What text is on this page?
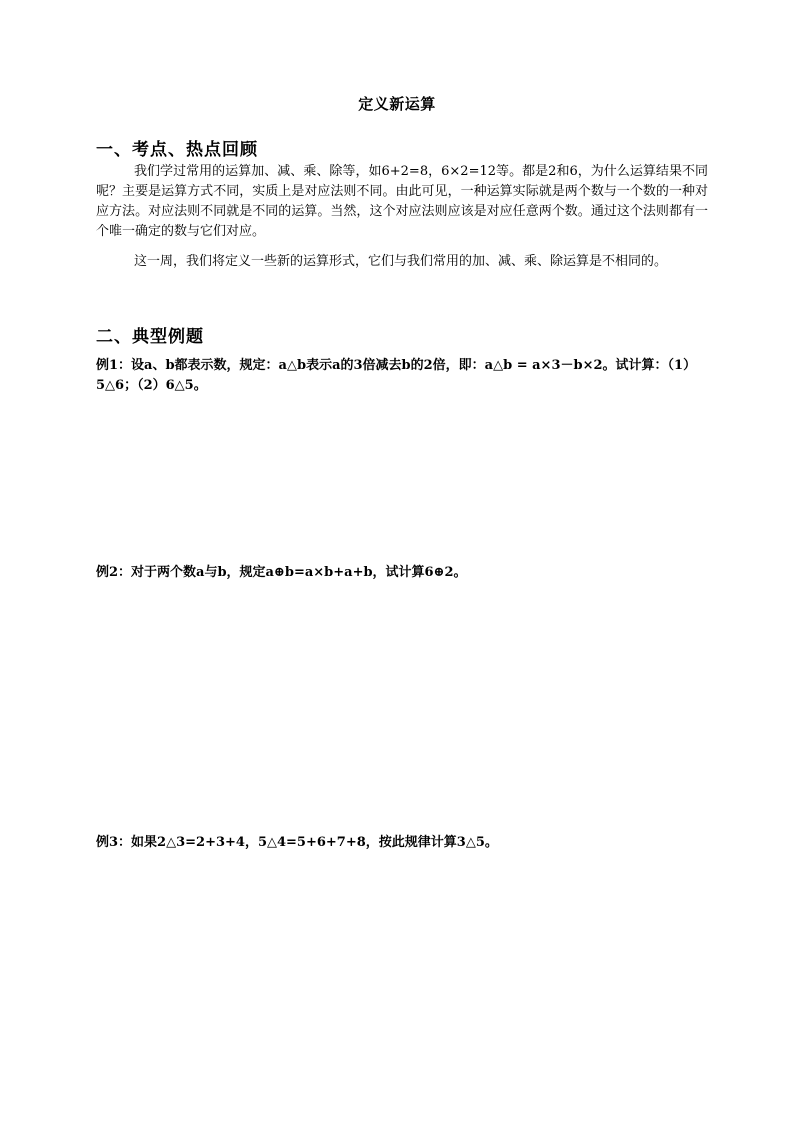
定义新运算
一、考点、热点回顾
我们学过常用的运算加、减、乘、除等，如6+2=8，6×2=12等。都是2和6，为什么运算结果不同呢？主要是运算方式不同，实质上是对应法则不同。由此可见，一种运算实际就是两个数与一个数的一种对应方法。对应法则不同就是不同的运算。当然，这个对应法则应该是对应任意两个数。通过这个法则都有一个唯一确定的数与它们对应。
这一周，我们将定义一些新的运算形式，它们与我们常用的加、减、乘、除运算是不相同的。
二、典型例题
例1：设a、b都表示数，规定：a△b表示a的3倍减去b的2倍，即：a△b = a×3－b×2。试计算：（1）5△6；（2）6△5。
例2：对于两个数a与b，规定a⊕b=a×b+a+b，试计算6⊕2。
例3：如果2△3=2+3+4，5△4=5+6+7+8，按此规律计算3△5。
